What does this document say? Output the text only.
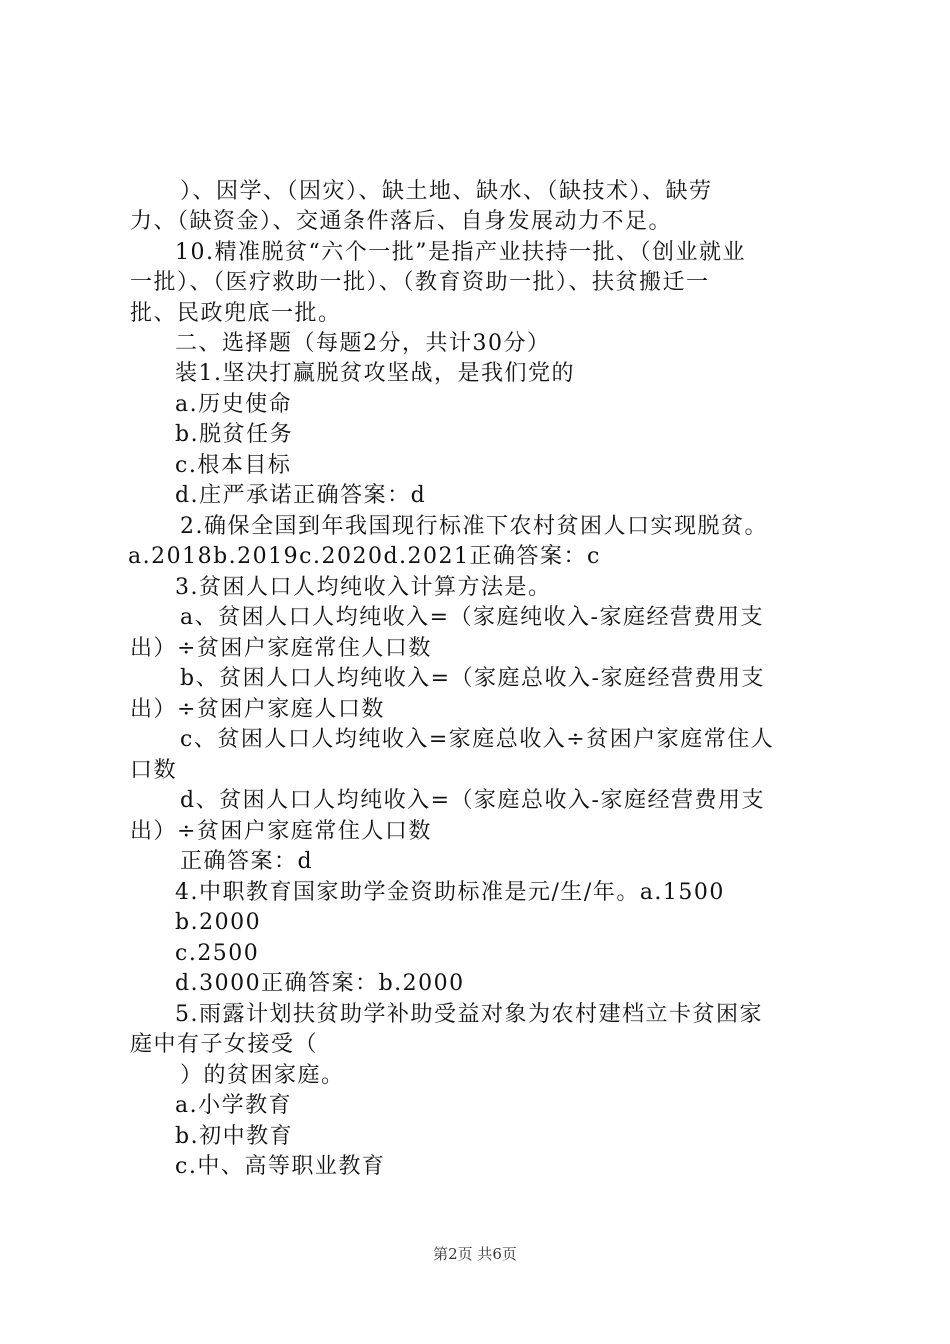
）、因学、（因灾）、缺土地、缺水、（缺技术）、缺劳
力、（缺资金）、交通条件落后、自身发展动力不足。
10.精准脱贫“六个一批”是指产业扶持一批、（创业就业
一批）、（医疗救助一批）、（教育资助一批）、扶贫搬迁一
批、民政兜底一批。
二、选择题（每题2分，共计30分）
装1.坚决打赢脱贫攻坚战，是我们党的
a.历史使命
b.脱贫任务
c.根本目标
d.庄严承诺正确答案：d
2.确保全国到年我国现行标准下农村贫困人口实现脱贫。
a.2018b.2019c.2020d.2021正确答案：c
3.贫困人口人均纯收入计算方法是。
a、贫困人口人均纯收入=（家庭纯收入-家庭经营费用支
出）÷贫困户家庭常住人口数
b、贫困人口人均纯收入=（家庭总收入-家庭经营费用支
出）÷贫困户家庭人口数
c、贫困人口人均纯收入=家庭总收入÷贫困户家庭常住人
口数
d、贫困人口人均纯收入=（家庭总收入-家庭经营费用支
出）÷贫困户家庭常住人口数
正确答案：d
4.中职教育国家助学金资助标准是元/生/年。a.1500
b.2000
c.2500
d.3000正确答案：b.2000
5.雨露计划扶贫助学补助受益对象为农村建档立卡贫困家
庭中有子女接受（
）的贫困家庭。
a.小学教育
b.初中教育
c.中、高等职业教育
第2页 共6页
